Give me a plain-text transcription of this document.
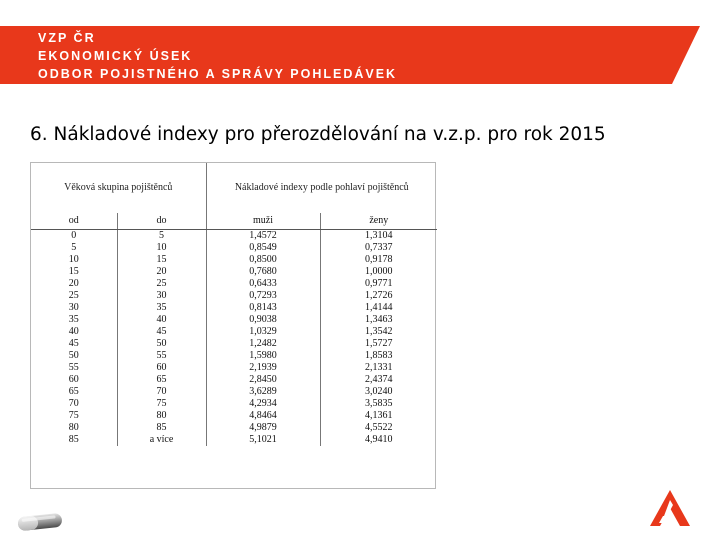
VZP ČR
EKONOMICKÝ ÚSEK
ODBOR POJISTNÉHO A SPRÁVY POHLEDÁVEK
6. Nákladové indexy pro přerozdělování na v.z.p. pro rok 2015
Věková skupina pojištěnců		Nákladové indexy podle pohlaví pojištěnců	
od	do	muži	ženy
0	5	1,4572	1,3104
5	10	0,8549	0,7337
10	15	0,8500	0,9178
15	20	0,7680	1,0000
20	25	0,6433	0,9771
25	30	0,7293	1,2726
30	35	0,8143	1,4144
35	40	0,9038	1,3463
40	45	1,0329	1,3542
45	50	1,2482	1,5727
50	55	1,5980	1,8583
55	60	2,1939	2,1331
60	65	2,8450	2,4374
65	70	3,6289	3,0240
70	75	4,2934	3,5835
75	80	4,8464	4,1361
80	85	4,9879	4,5522
85	a více	5,1021	4,9410
